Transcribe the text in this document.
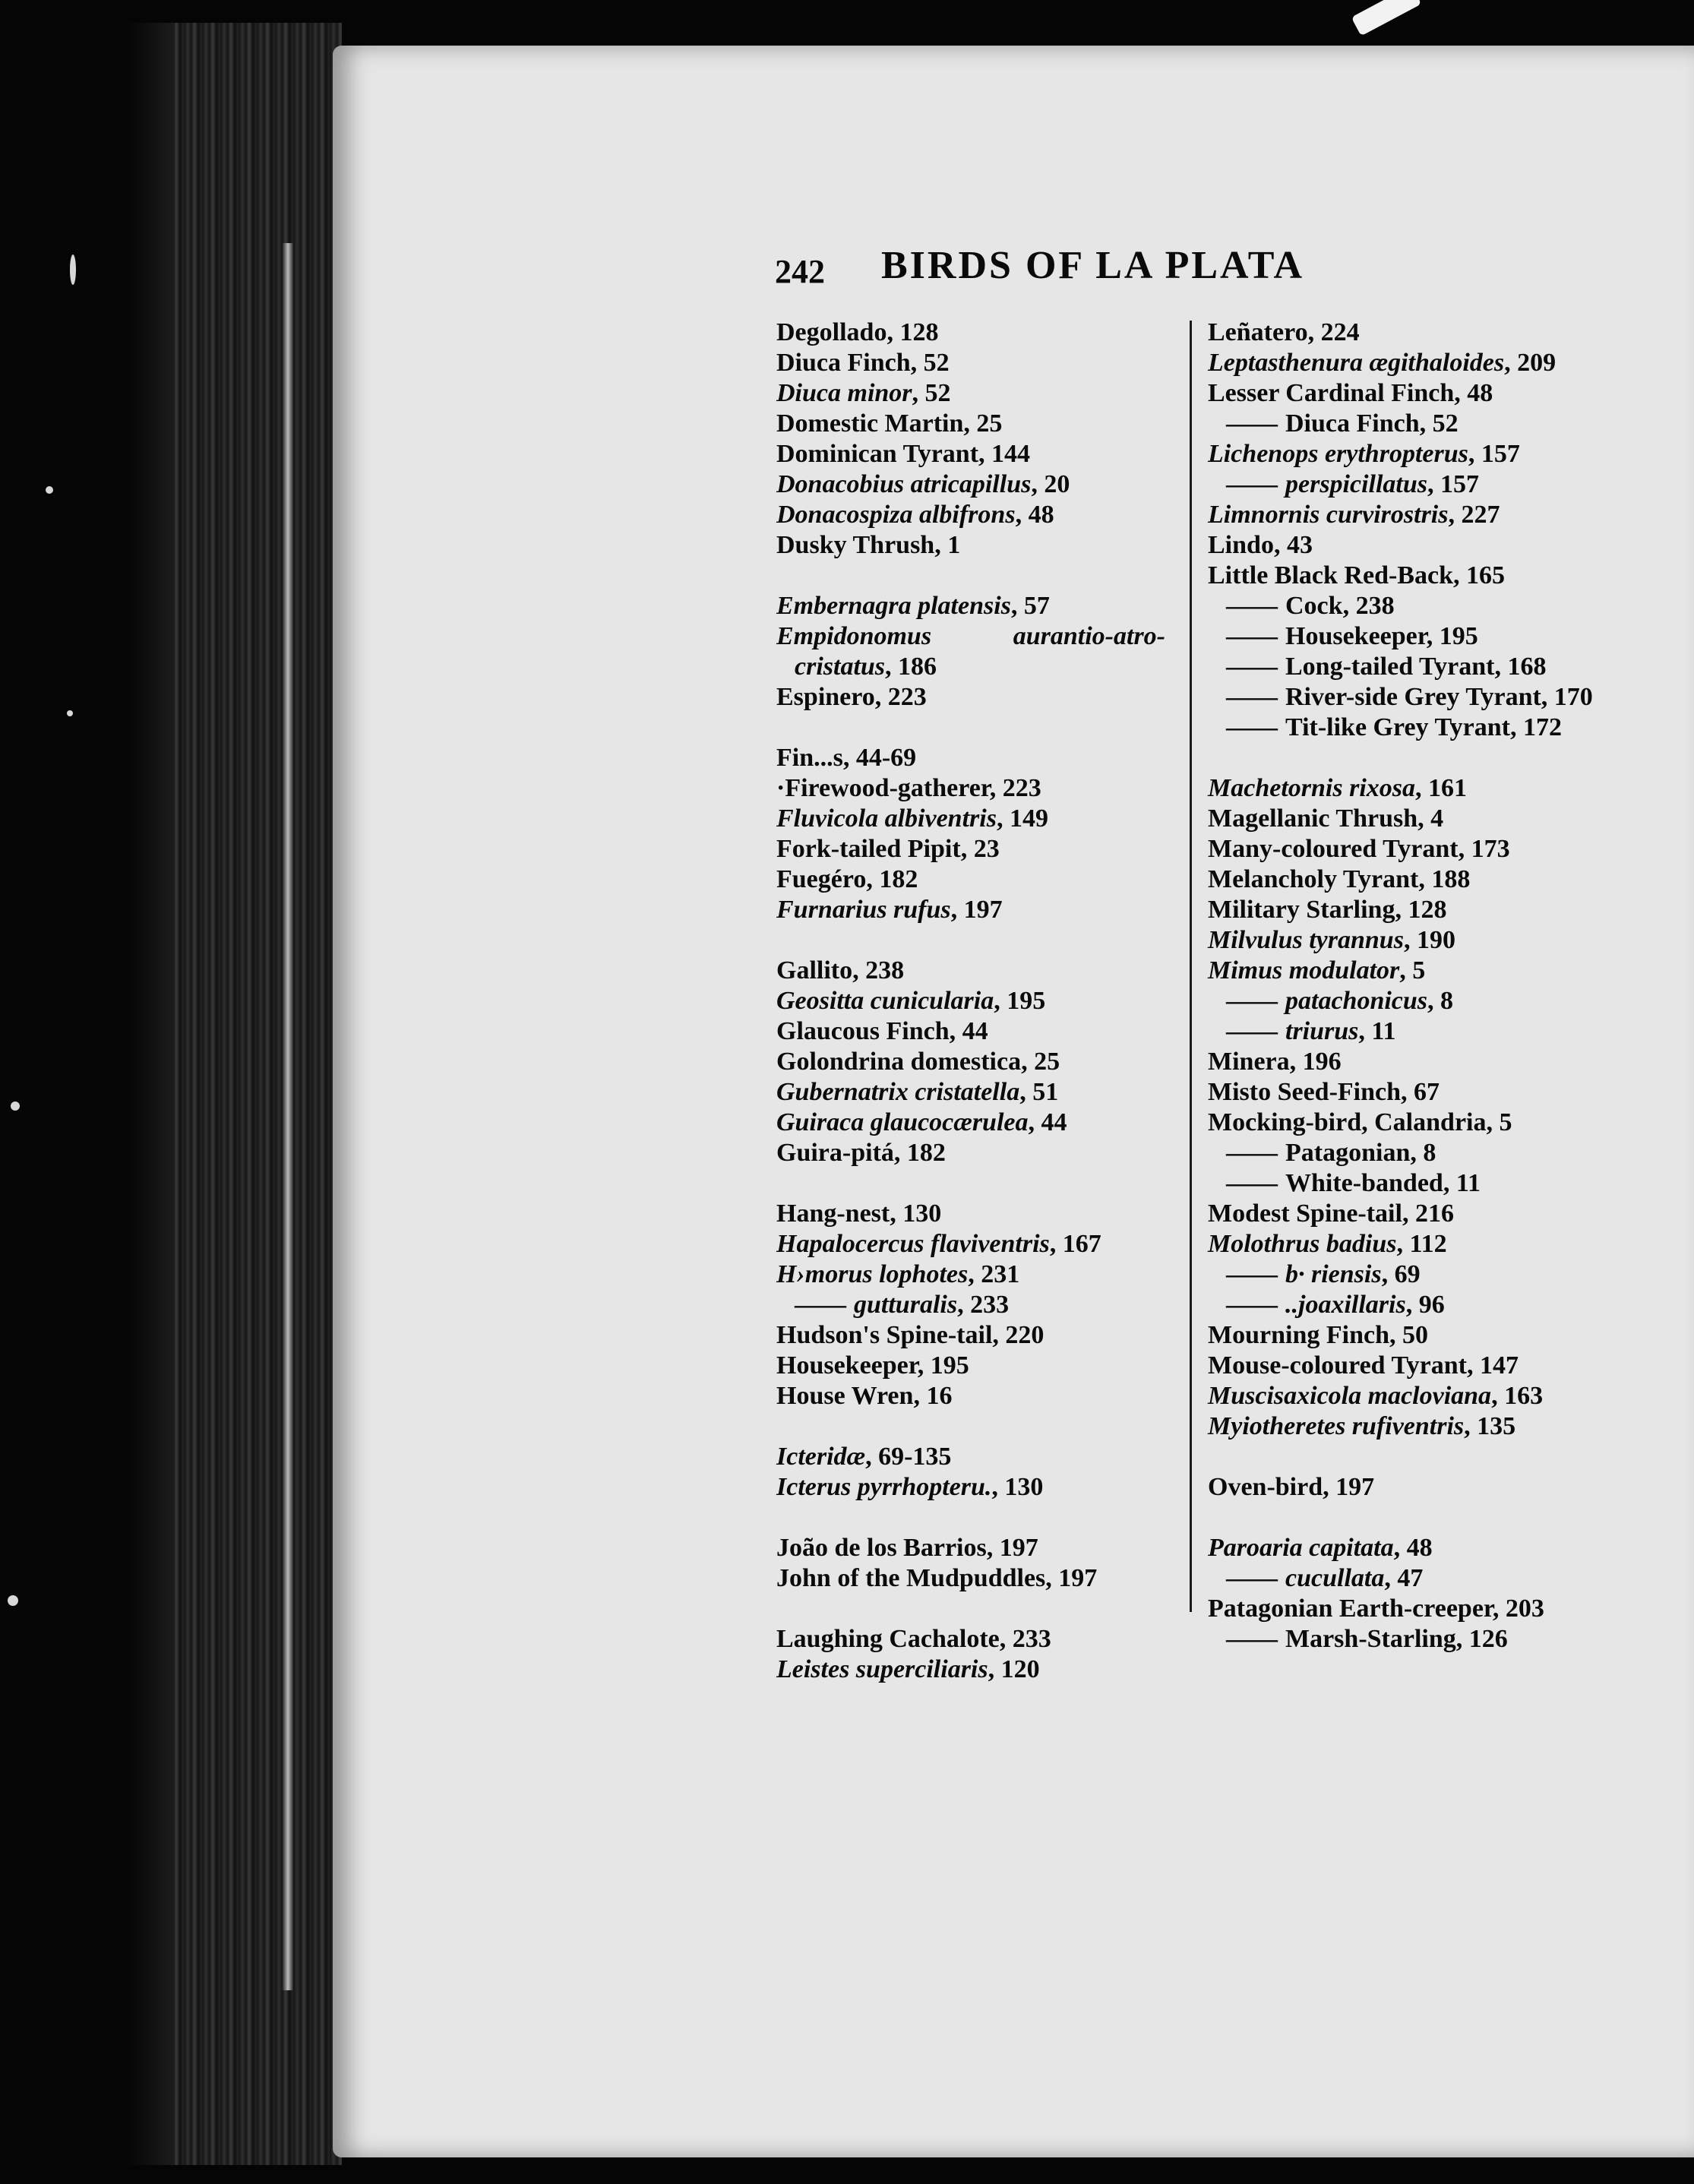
242 BIRDS OF LA PLATA
Degollado, 128
Diuca Finch, 52
Diuca minor, 52
Domestic Martin, 25
Dominican Tyrant, 144
Donacobius atricapillus, 20
Donacospiza albifrons, 48
Dusky Thrush, 1
Embernagra platensis, 57
Empidonomus	aurantio-atro-
cristatus, 186
Espinero, 223
Fin...s, 44-69
·Firewood-gatherer, 223
Fluvicola albiventris, 149
Fork-tailed Pipit, 23
Fuegéro, 182
Furnarius rufus, 197
Gallito, 238
Geositta cunicularia, 195
Glaucous Finch, 44
Golondrina domestica, 25
Gubernatrix cristatella, 51
Guiraca glaucocærulea, 44
Guira-pitá, 182
Hang-nest, 130
Hapalocercus flaviventris, 167
H›morus lophotes, 231
—— gutturalis, 233
Hudson's Spine-tail, 220
Housekeeper, 195
House Wren, 16
Icteridæ, 69-135
Icterus pyrrhopteru., 130
João de los Barrios, 197
John of the Mudpuddles, 197
Laughing Cachalote, 233
Leistes superciliaris, 120
Leñatero, 224
Leptasthenura ægithaloides, 209
Lesser Cardinal Finch, 48
—— Diuca Finch, 52
Lichenops erythropterus, 157
—— perspicillatus, 157
Limnornis curvirostris, 227
Lindo, 43
Little Black Red-Back, 165
—— Cock, 238
—— Housekeeper, 195
—— Long-tailed Tyrant, 168
—— River-side Grey Tyrant, 170
—— Tit-like Grey Tyrant, 172
Machetornis rixosa, 161
Magellanic Thrush, 4
Many-coloured Tyrant, 173
Melancholy Tyrant, 188
Military Starling, 128
Milvulus tyrannus, 190
Mimus modulator, 5
—— patachonicus, 8
—— triurus, 11
Minera, 196
Misto Seed-Finch, 67
Mocking-bird, Calandria, 5
—— Patagonian, 8
—— White-banded, 11
Modest Spine-tail, 216
Molothrus badius, 112
—— b· riensis, 69
—— ..joaxillaris, 96
Mourning Finch, 50
Mouse-coloured Tyrant, 147
Muscisaxicola macloviana, 163
Myiotheretes rufiventris, 135
Oven-bird, 197
Paroaria capitata, 48
—— cucullata, 47
Patagonian Earth-creeper, 203
—— Marsh-Starling, 126
